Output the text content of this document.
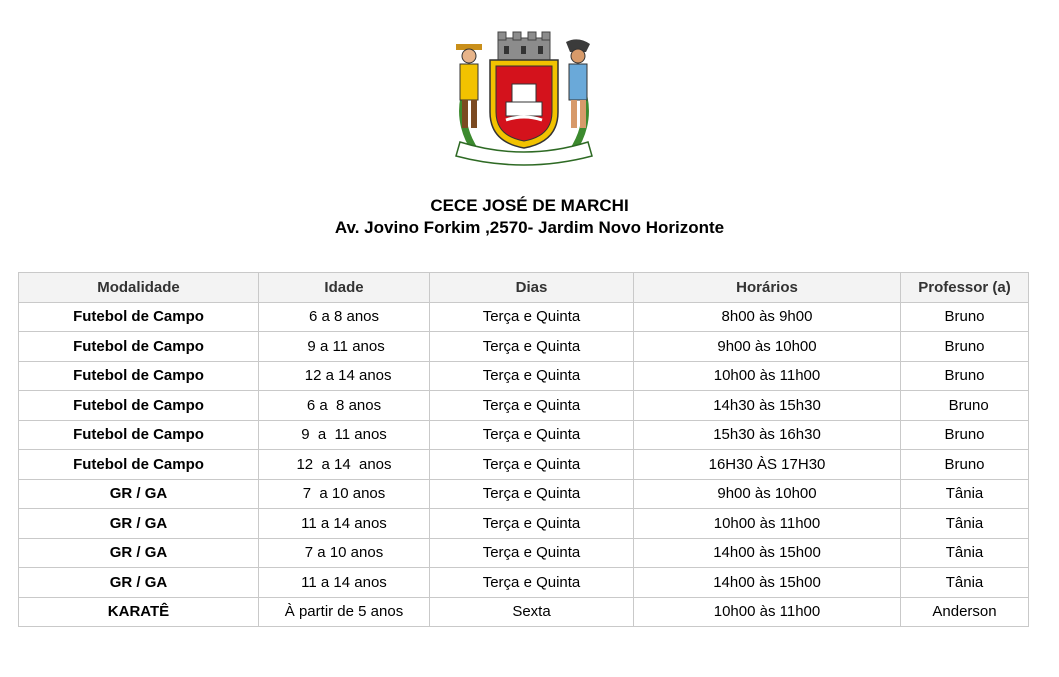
CECE JOSÉ DE MARCHI
Av. Jovino Forkim ,2570- Jardim Novo Horizonte
Modalidade	Idade	Dias	Horários	Professor (a)
Futebol de Campo	6 a 8 anos	Terça e Quinta	8h00 às 9h00	Bruno
Futebol de Campo	9 a 11 anos	Terça e Quinta	9h00 às 10h00	Bruno
Futebol de Campo	12 a 14 anos	Terça e Quinta	10h00 às 11h00	Bruno
Futebol de Campo	6 a  8 anos	Terça e Quinta	14h30 às 15h30	Bruno
Futebol de Campo	9  a  11 anos	Terça e Quinta	15h30 às 16h30	Bruno
Futebol de Campo	12  a 14  anos	Terça e Quinta	16H30 ÀS 17H30	Bruno
GR / GA	7  a 10 anos	Terça e Quinta	9h00 às 10h00	Tânia
GR / GA	11 a 14 anos	Terça e Quinta	10h00 às 11h00	Tânia
GR / GA	7 a 10 anos	Terça e Quinta	14h00 às 15h00	Tânia
GR / GA	11 a 14 anos	Terça e Quinta	14h00 às 15h00	Tânia
KARATÊ	À partir de 5 anos	Sexta	10h00 às 11h00	Anderson
